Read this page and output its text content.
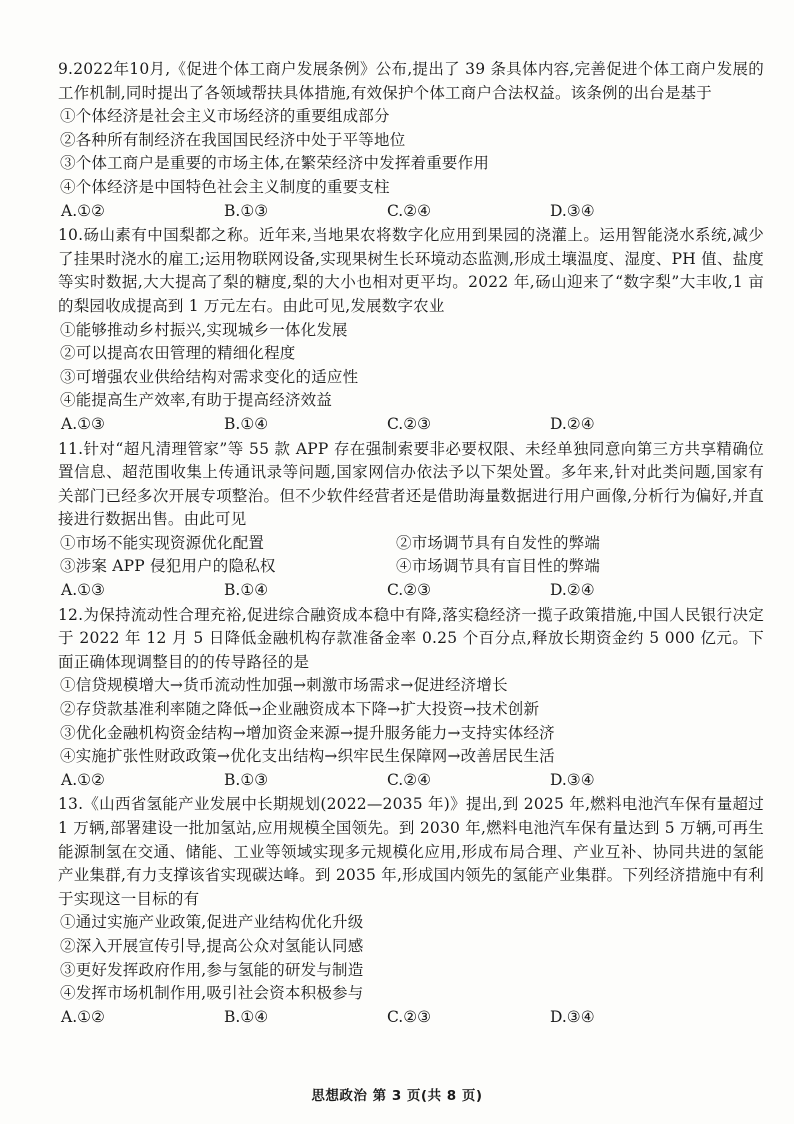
9.2022年10月,《促进个体工商户发展条例》公布,提出了 39 条具体内容,完善促进个体工商户发展的工作机制,同时提出了各领域帮扶具体措施,有效保护个体工商户合法权益。该条例的出台是基于

①个体经济是社会主义市场经济的重要组成部分

②各种所有制经济在我国国民经济中处于平等地位

③个体工商户是重要的市场主体,在繁荣经济中发挥着重要作用

④个体经济是中国特色社会主义制度的重要支柱

A.①②	B.①③	C.②④	D.③④

10.砀山素有中国梨都之称。近年来,当地果农将数字化应用到果园的浇灌上。运用智能浇水系统,减少了挂果时浇水的雇工;运用物联网设备,实现果树生长环境动态监测,形成土壤温度、湿度、PH 值、盐度等实时数据,大大提高了梨的糖度,梨的大小也相对更平均。2022 年,砀山迎来了“数字梨”大丰收,1 亩的梨园收成提高到 1 万元左右。由此可见,发展数字农业

①能够推动乡村振兴,实现城乡一体化发展

②可以提高农田管理的精细化程度

③可增强农业供给结构对需求变化的适应性

④能提高生产效率,有助于提高经济效益

A.①③	B.①④	C.②③	D.②④

11.针对“超凡清理管家”等 55 款 APP 存在强制索要非必要权限、未经单独同意向第三方共享精确位置信息、超范围收集上传通讯录等问题,国家网信办依法予以下架处置。多年来,针对此类问题,国家有关部门已经多次开展专项整治。但不少软件经营者还是借助海量数据进行用户画像,分析行为偏好,并直接进行数据出售。由此可见

①市场不能实现资源优化配置	②市场调节具有自发性的弊端

③涉案 APP 侵犯用户的隐私权	④市场调节具有盲目性的弊端

A.①③	B.①④	C.②③	D.②④

12.为保持流动性合理充裕,促进综合融资成本稳中有降,落实稳经济一揽子政策措施,中国人民银行决定于 2022 年 12 月 5 日降低金融机构存款准备金率 0.25 个百分点,释放长期资金约 5 000 亿元。下面正确体现调整目的的传导路径的是

①信贷规模增大→货币流动性加强→刺激市场需求→促进经济增长

②存贷款基准利率随之降低→企业融资成本下降→扩大投资→技术创新

③优化金融机构资金结构→增加资金来源→提升服务能力→支持实体经济

④实施扩张性财政政策→优化支出结构→织牢民生保障网→改善居民生活

A.①②	B.①③	C.②④	D.③④

13.《山西省氢能产业发展中长期规划(2022—2035 年)》提出,到 2025 年,燃料电池汽车保有量超过 1 万辆,部署建设一批加氢站,应用规模全国领先。到 2030 年,燃料电池汽车保有量达到 5 万辆,可再生能源制氢在交通、储能、工业等领域实现多元规模化应用,形成布局合理、产业互补、协同共进的氢能产业集群,有力支撑该省实现碳达峰。到 2035 年,形成国内领先的氢能产业集群。下列经济措施中有利于实现这一目标的有

①通过实施产业政策,促进产业结构优化升级

②深入开展宣传引导,提高公众对氢能认同感

③更好发挥政府作用,参与氢能的研发与制造

④发挥市场机制作用,吸引社会资本积极参与

A.①②	B.①④	C.②③	D.③④
思想政治 第 3 页(共 8 页)
